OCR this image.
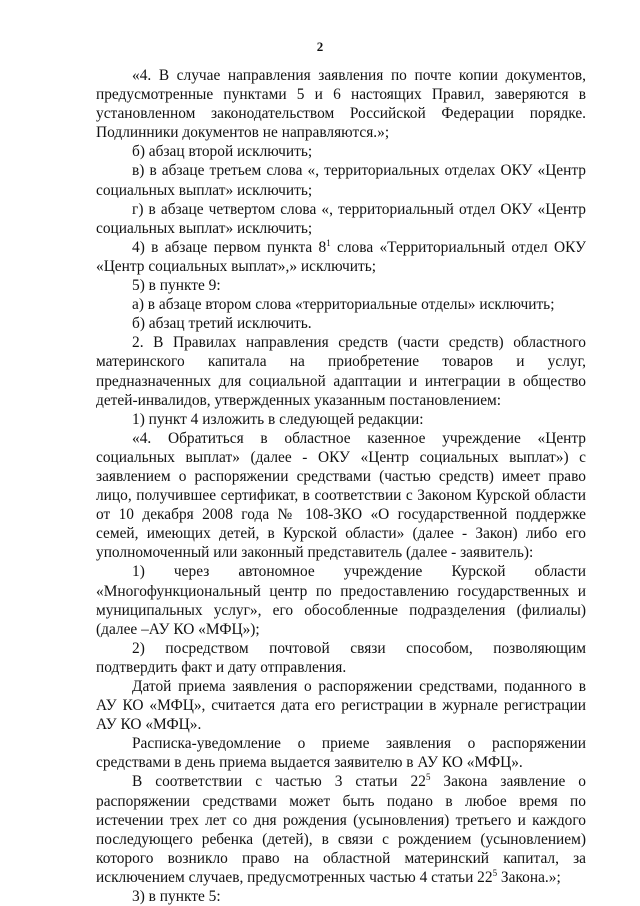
2

«4. В случае направления заявления по почте копии документов, предусмотренные пунктами 5 и 6 настоящих Правил, заверяются в установленном законодательством Российской Федерации порядке. Подлинники документов не направляются.»;

б) абзац второй исключить;

в) в абзаце третьем слова «, территориальных отделах ОКУ «Центр социальных выплат» исключить;

г) в абзаце четвертом слова «, территориальный отдел ОКУ «Центр социальных выплат» исключить;

4) в абзаце первом пункта $8^1$ слова «Территориальный отдел ОКУ «Центр социальных выплат»,» исключить;

5) в пункте 9:

а) в абзаце втором слова «территориальные отделы» исключить;

б) абзац третий исключить.

2. В Правилах направления средств (части средств) областного материнского капитала на приобретение товаров и услуг, предназначенных для социальной адаптации и интеграции в общество детей-инвалидов, утвержденных указанным постановлением:

1) пункт 4 изложить в следующей редакции:

«4. Обратиться в областное казенное учреждение «Центр социальных выплат» (далее - ОКУ «Центр социальных выплат») с заявлением о распоряжении средствами (частью средств) имеет право лицо, получившее сертификат, в соответствии с Законом Курской области от 10 декабря 2008 года № 108-ЗКО «О государственной поддержке семей, имеющих детей, в Курской области» (далее - Закон) либо его уполномоченный или законный представитель (далее - заявитель):

1) через автономное учреждение Курской области «Многофункциональный центр по предоставлению государственных и муниципальных услуг», его обособленные подразделения (филиалы) (далее –АУ КО «МФЦ»);

2) посредством почтовой связи способом, позволяющим подтвердить факт и дату отправления.

Датой приема заявления о распоряжении средствами, поданного в АУ КО «МФЦ», считается дата его регистрации в журнале регистрации АУ КО «МФЦ».

Расписка-уведомление о приеме заявления о распоряжении средствами в день приема выдается заявителю в АУ КО «МФЦ».

В соответствии с частью 3 статьи $22^5$ Закона заявление о распоряжении средствами может быть подано в любое время по истечении трех лет со дня рождения (усыновления) третьего и каждого последующего ребенка (детей), в связи с рождением (усыновлением) которого возникло право на областной материнский капитал, за исключением случаев, предусмотренных частью 4 статьи $22^5$ Закона.»;

3) в пункте 5:
